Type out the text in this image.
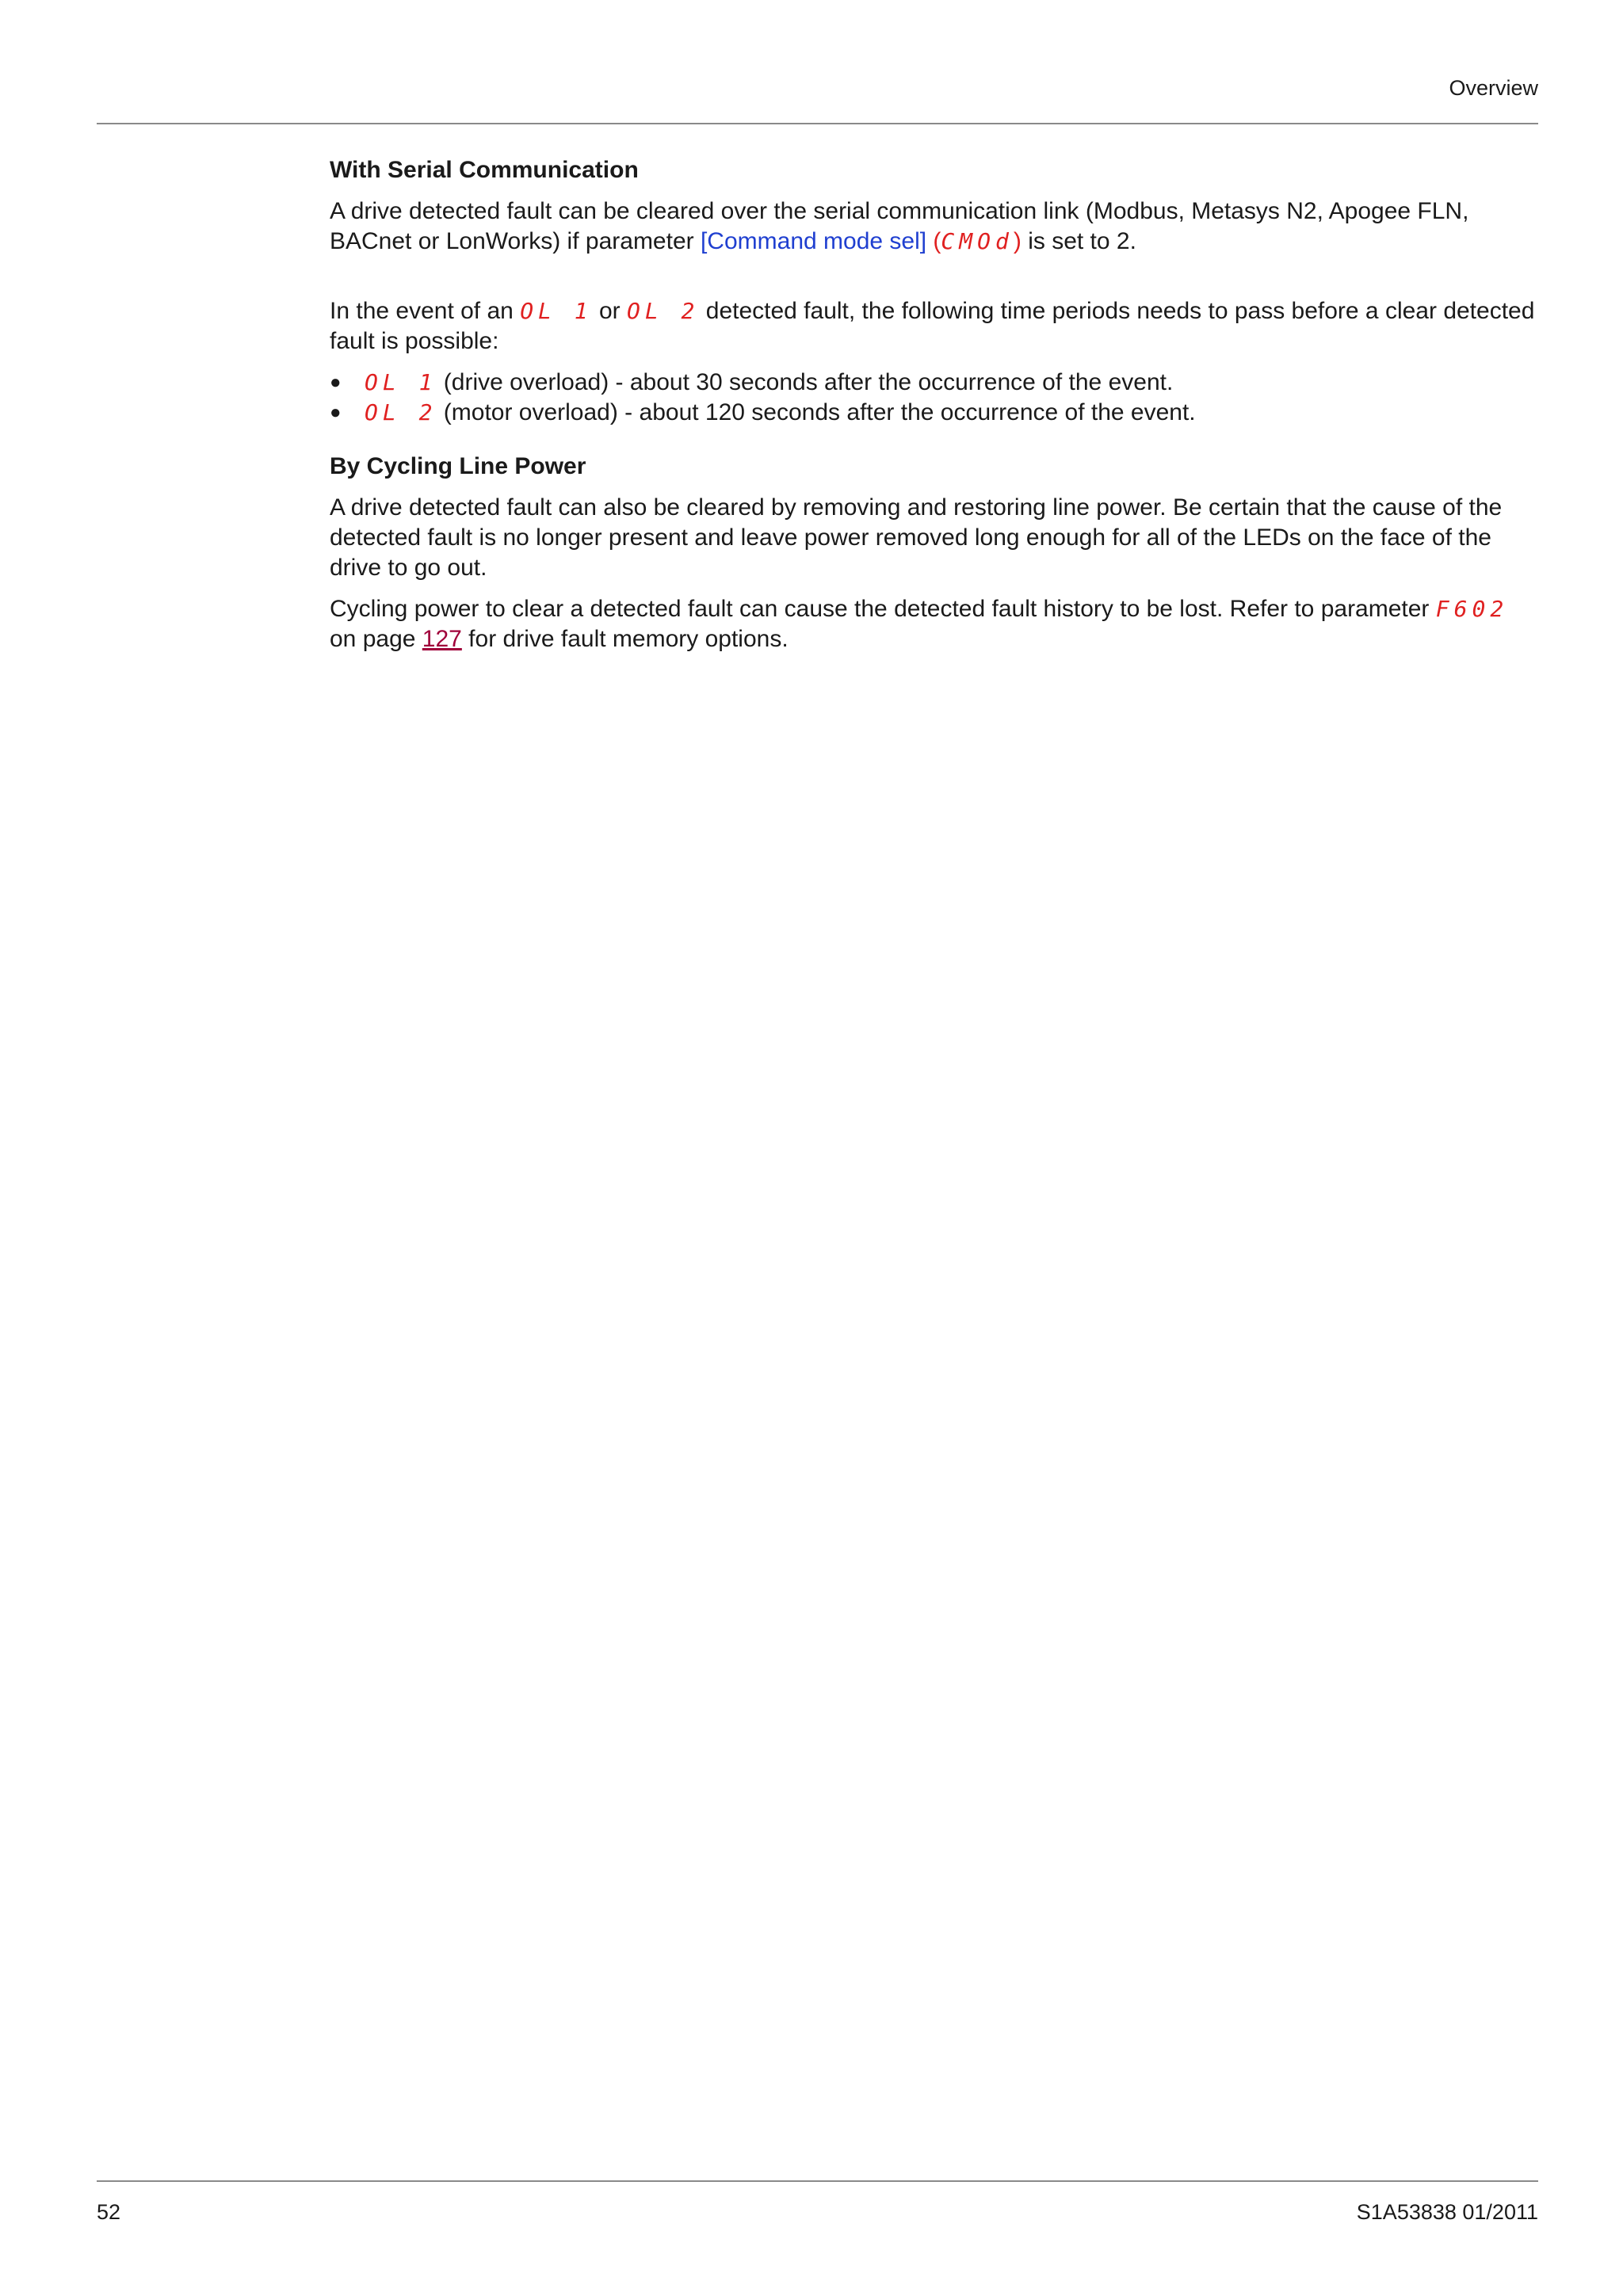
Overview
With Serial Communication

A drive detected fault can be cleared over the serial communication link (Modbus, Metasys N2, Apogee FLN, BACnet or LonWorks) if parameter [Command mode sel] (CMOd) is set to 2.

In the event of an OL 1 or OL 2 detected fault, the following time periods needs to pass before a clear detected fault is possible:

● OL 1 (drive overload) - about 30 seconds after the occurrence of the event.
● OL 2 (motor overload) - about 120 seconds after the occurrence of the event.
By Cycling Line Power

A drive detected fault can also be cleared by removing and restoring line power. Be certain that the cause of the detected fault is no longer present and leave power removed long enough for all of the LEDs on the face of the drive to go out.

Cycling power to clear a detected fault can cause the detected fault history to be lost. Refer to parameter F602 on page 127 for drive fault memory options.

52	S1A53838 01/2011
